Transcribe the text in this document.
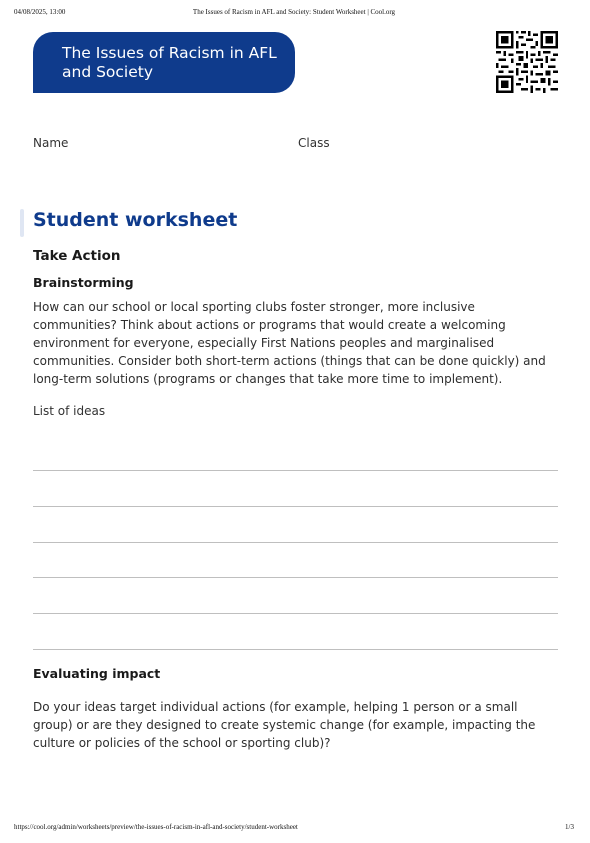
04/08/2025, 13:00	The Issues of Racism in AFL and Society: Student Worksheet | Cool.org
The Issues of Racism in AFL and Society
Name	Class
Student worksheet
Take Action
Brainstorming
How can our school or local sporting clubs foster stronger, more inclusive communities? Think about actions or programs that would create a welcoming environment for everyone, especially First Nations peoples and marginalised communities. Consider both short-term actions (things that can be done quickly) and long-term solutions (programs or changes that take more time to implement).
List of ideas
Evaluating impact
Do your ideas target individual actions (for example, helping 1 person or a small group) or are they designed to create systemic change (for example, impacting the culture or policies of the school or sporting club)?
https://cool.org/admin/worksheets/preview/the-issues-of-racism-in-afl-and-society/student-worksheet	1/3
